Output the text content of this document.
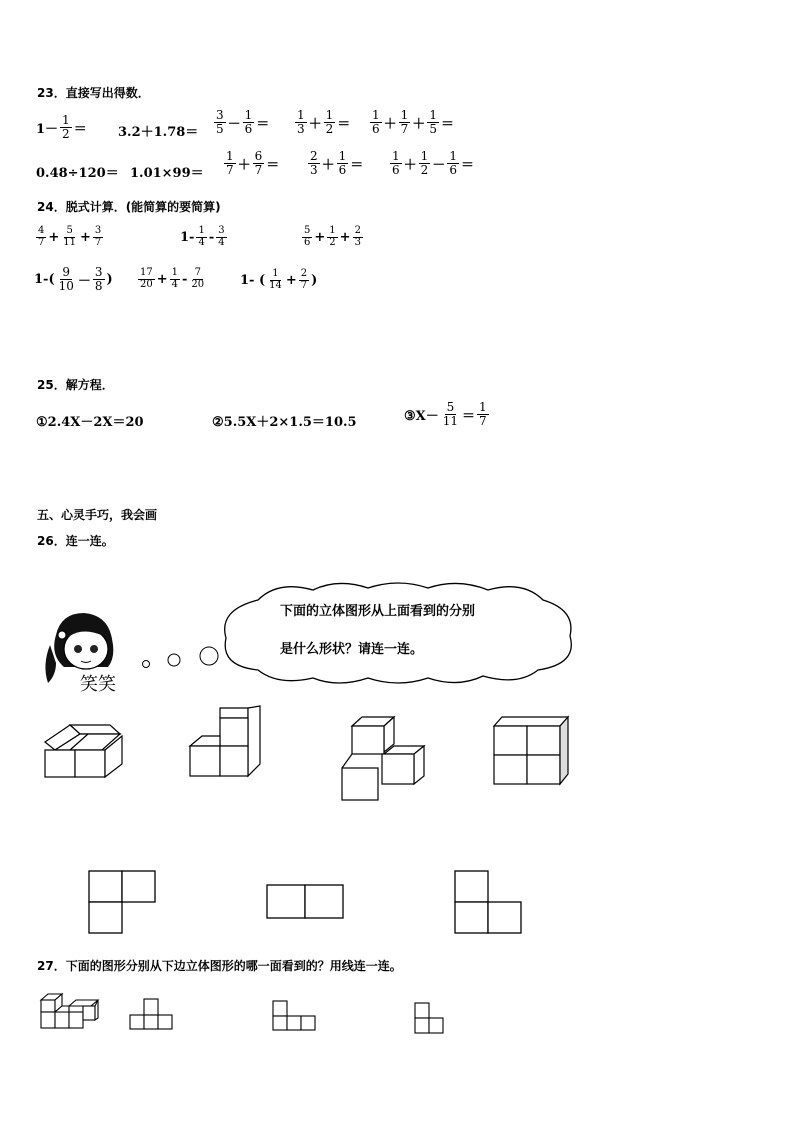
23．直接写出得数．
$1- \frac{1}{2} = 3.2+1.78= \frac{3}{5} - \frac{1}{6} = \frac{1}{3} + \frac{1}{2} = \frac{1}{6} + \frac{1}{7} + \frac{1}{5}$ ＝
$0.48\div 120= 1.01\times 99= \frac{1}{7} + \frac{6}{7} = \frac{2}{3} + \frac{1}{6} = \frac{1}{6} + \frac{1}{2} - \frac{1}{6}$ ＝
24．脱式计算．(能简算的要简算)
$\frac{4}{7} + \frac{5}{11} + \frac{3}{7}$	$1- \frac{1}{4} - \frac{3}{4}$	$\frac{5}{6} + \frac{1}{2} + \frac{2}{3}$
$1-( \frac{9}{10} - \frac{3}{8}$ )	$\frac{17}{20} + \frac{1}{4} - \frac{7}{20}$	1- ( $\frac{1}{14} + \frac{2}{7}$ )
25．解方程．
①2.4X－2X＝20	②5.5X＋2×1.5＝10.5	③X－ $\frac{5}{11} = \frac{1}{7}$
五、心灵手巧，我会画
26．连一连。
笑笑
下面的立体图形从上面看到的分别
是什么形状？请连一连。
27．下面的图形分别从下边立体图形的哪一面看到的？用线连一连。
